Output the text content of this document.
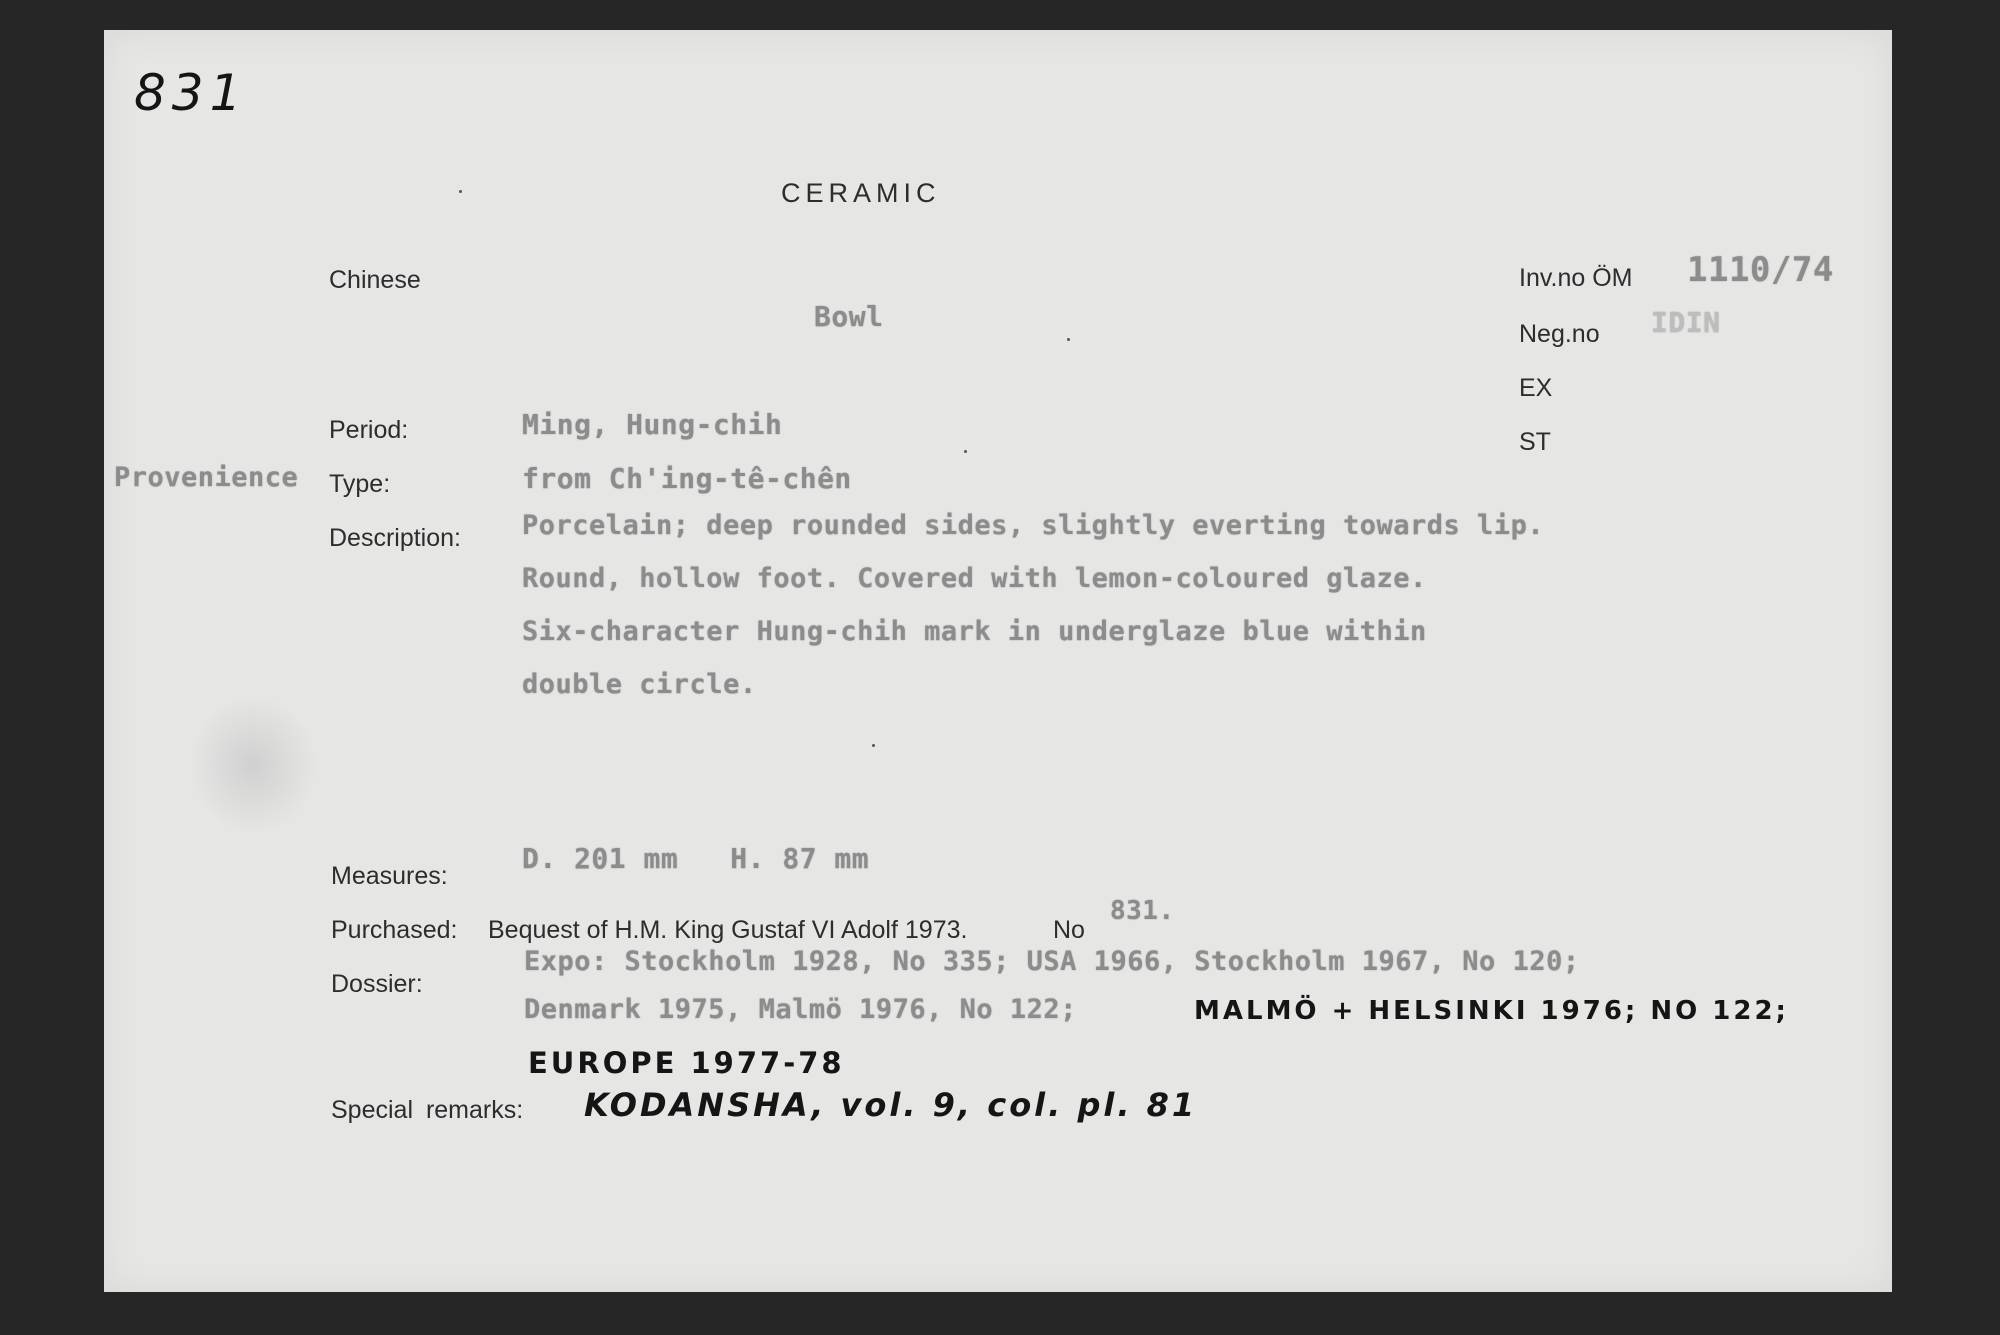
831
CERAMIC
Chinese
Bowl
Inv.no ÖM 1110/74
Neg.no IDIN
EX
ST
Period:	Ming, Hung-chih
Provenience Type:	from Ch'ing-tê-chên
Description: Porcelain; deep rounded sides, slightly everting towards lip.
Round, hollow foot. Covered with lemon-coloured glaze.
Six-character Hung-chih mark in underglaze blue within
double circle.
Measures:
D. 201 mm   H. 87 mm
Purchased: Bequest of H.M. King Gustaf VI Adolf 1973.	No
831.
Dossier:
Expo: Stockholm 1928, No 335; USA 1966, Stockholm 1967, No 120;
Denmark 1975, Malmö 1976, No 122;	MALMÖ + HELSINKI 1976; NO 122;
EUROPE 1977-78
Special remarks: KODANSHA, vol. 9, col. pl. 81
